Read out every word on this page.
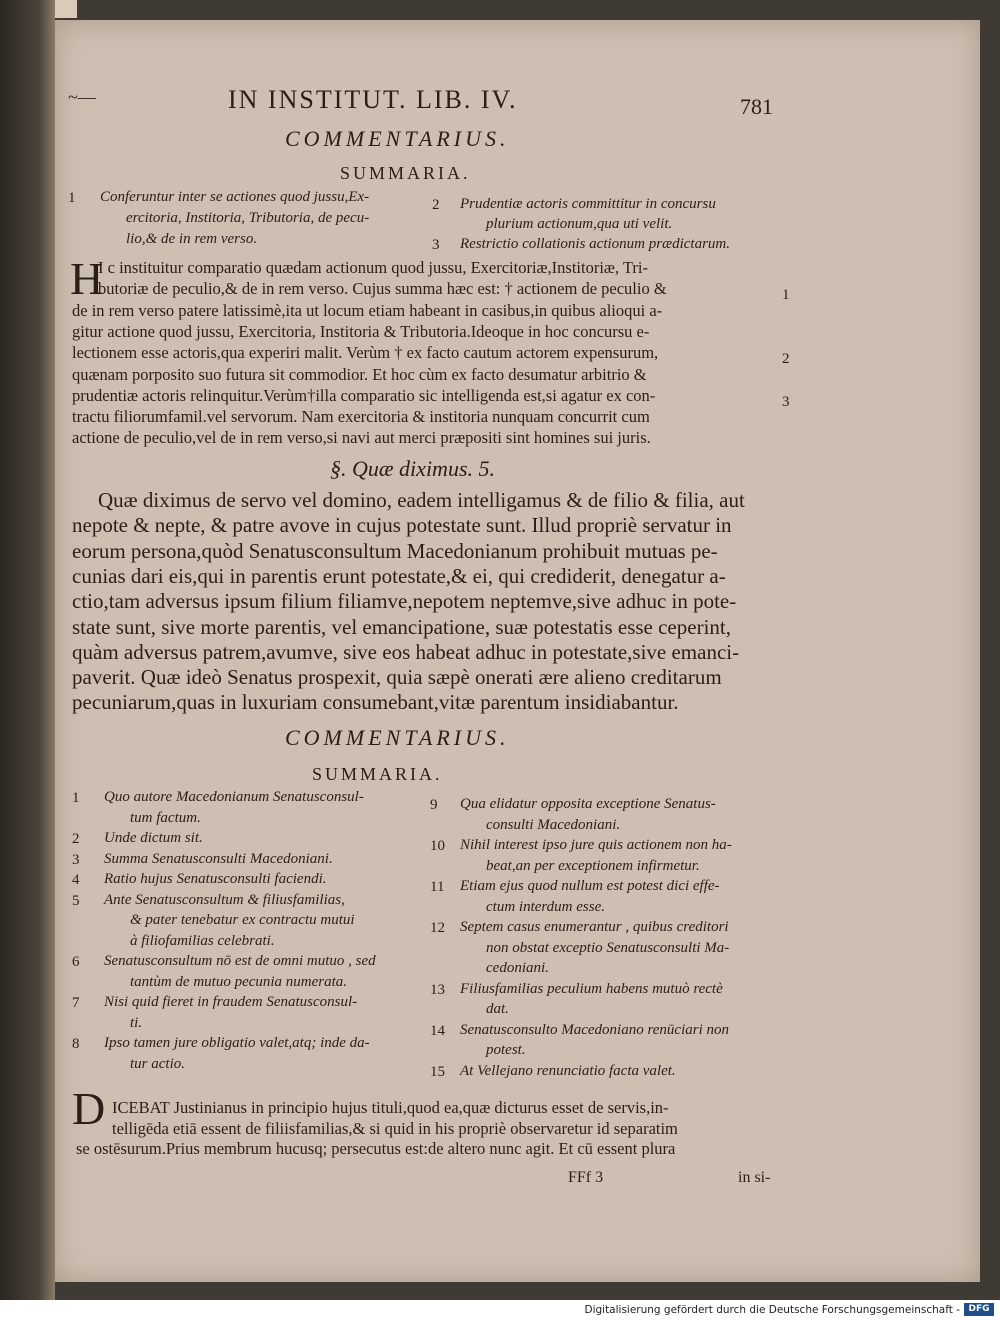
~—	IN INSTITUT. LIB. IV.	781
COMMENTARIUS.
SUMMARIA.
1 Conferuntur inter se actiones quod jussu,Ex-
ercitoria, Institoria, Tributoria, de pecu-
lio,& de in rem verso.
2 Prudentiæ actoris committitur in concursu
plurium actionum,qua uti velit.
3 Restrictio collationis actionum prædictarum.
H
I c instituitur comparatio quædam actionum quod jussu, Exercitoriæ,Institoriæ, Tri-
butoriæ de peculio,& de in rem verso. Cujus summa hæc est: † actionem de peculio &
de in rem verso patere latissimè,ita ut locum etiam habeant in casibus,in quibus alioqui a-
gitur actione quod jussu, Exercitoria, Institoria & Tributoria.Ideoque in hoc concursu e-
lectionem esse actoris,qua experiri malit. Verùm † ex facto cautum actorem expensurum,
quænam porposito suo futura sit commodior. Et hoc cùm ex facto desumatur arbitrio &
prudentiæ actoris relinquitur.Verùm†illa comparatio sic intelligenda est,si agatur ex con-
tractu filiorumfamil.vel servorum. Nam exercitoria & institoria nunquam concurrit cum
actione de peculio,vel de in rem verso,si navi aut merci præpositi sint homines sui juris.
1
2
3
§. Quæ diximus. 5.
Quæ diximus de servo vel domino, eadem intelligamus & de filio & filia, aut
nepote & nepte, & patre avove in cujus potestate sunt. Illud propriè servatur in
eorum persona,quòd Senatusconsultum Macedonianum prohibuit mutuas pe-
cunias dari eis,qui in parentis erunt potestate,& ei, qui crediderit, denegatur a-
ctio,tam adversus ipsum filium filiamve,nepotem neptemve,sive adhuc in pote-
state sunt, sive morte parentis, vel emancipatione, suæ potestatis esse ceperint,
quàm adversus patrem,avumve, sive eos habeat adhuc in potestate,sive emanci-
paverit. Quæ ideò Senatus prospexit, quia sæpè onerati ære alieno creditarum
pecuniarum,quas in luxuriam consumebant,vitæ parentum insidiabantur.
COMMENTARIUS.
SUMMARIA.
1 Quo autore Macedonianum Senatusconsul-
tum factum.
2 Unde dictum sit.
3 Summa Senatusconsulti Macedoniani.
4 Ratio hujus Senatusconsulti faciendi.
5 Ante Senatusconsultum & filiusfamilias,
& pater tenebatur ex contractu mutui
à filiofamilias celebrati.
6 Senatusconsultum nō est de omni mutuo , sed
tantùm de mutuo pecunia numerata.
7 Nisi quid fieret in fraudem Senatusconsul-
ti.
8 Ipso tamen jure obligatio valet,atq; inde da-
tur actio.
9 Qua elidatur opposita exceptione Senatus-
consulti Macedoniani.
10 Nihil interest ipso jure quis actionem non ha-
beat,an per exceptionem infirmetur.
11 Etiam ejus quod nullum est potest dici effe-
ctum interdum esse.
12 Septem casus enumerantur , quibus creditori
non obstat exceptio Senatusconsulti Ma-
cedoniani.
13 Filiusfamilias peculium habens mutuò rectè
dat.
14 Senatusconsulto Macedoniano renūciari non
potest.
15 At Vellejano renunciatio facta valet.
D ICEBAT Justinianus in principio hujus tituli,quod ea,quæ dicturus esset de servis,in-
telligēda etiā essent de filiisfamilias,& si quid in his propriè observaretur id separatim
se ostēsurum.Prius membrum hucusq; persecutus est:de altero nunc agit. Et cū essent plura
FFf 3	in si-
Digitalisierung gefördert durch die Deutsche Forschungsgemeinschaft - DFG
